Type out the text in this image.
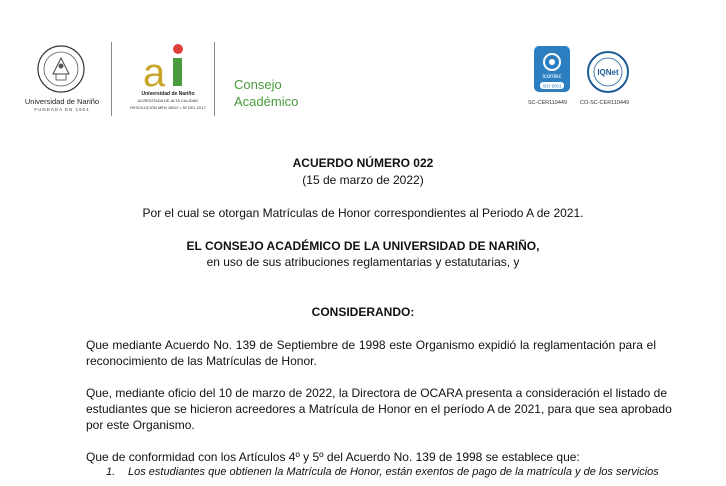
Universidad de Nariño
FUNDADA EN 1904
a
Universidad de Nariño
ACREDITADA DE ALTA CALIDAD
RESOLUCIÓN MEN 18547 • Nº DEL 2017
Consejo
Académico
icontec
ISO 9001
IQNet
SC-CER110449 CO-SC-CER110449
ACUERDO NÚMERO 022
(15 de marzo de 2022)
Por el cual se otorgan Matrículas de Honor correspondientes al Periodo A de 2021.
EL CONSEJO ACADÉMICO DE LA UNIVERSIDAD DE NARIÑO,
en uso de sus atribuciones reglamentarias y estatutarias, y
CONSIDERANDO:
Que mediante Acuerdo No. 139 de Septiembre de 1998 este Organismo expidió la reglamentación para el
reconocimiento de las Matrículas de Honor.
Que, mediante oficio del 10 de marzo de 2022, la Directora de OCARA presenta a consideración el listado de
estudiantes que se hicieron acreedores a Matrícula de Honor en el período A de 2021, para que sea aprobado
por este Organismo.
Que de conformidad con los Artículos 4º y 5º del Acuerdo No. 139 de 1998 se establece que:
1. Los estudiantes que obtienen la Matrícula de Honor, están exentos de pago de la matrícula y de los servicios
